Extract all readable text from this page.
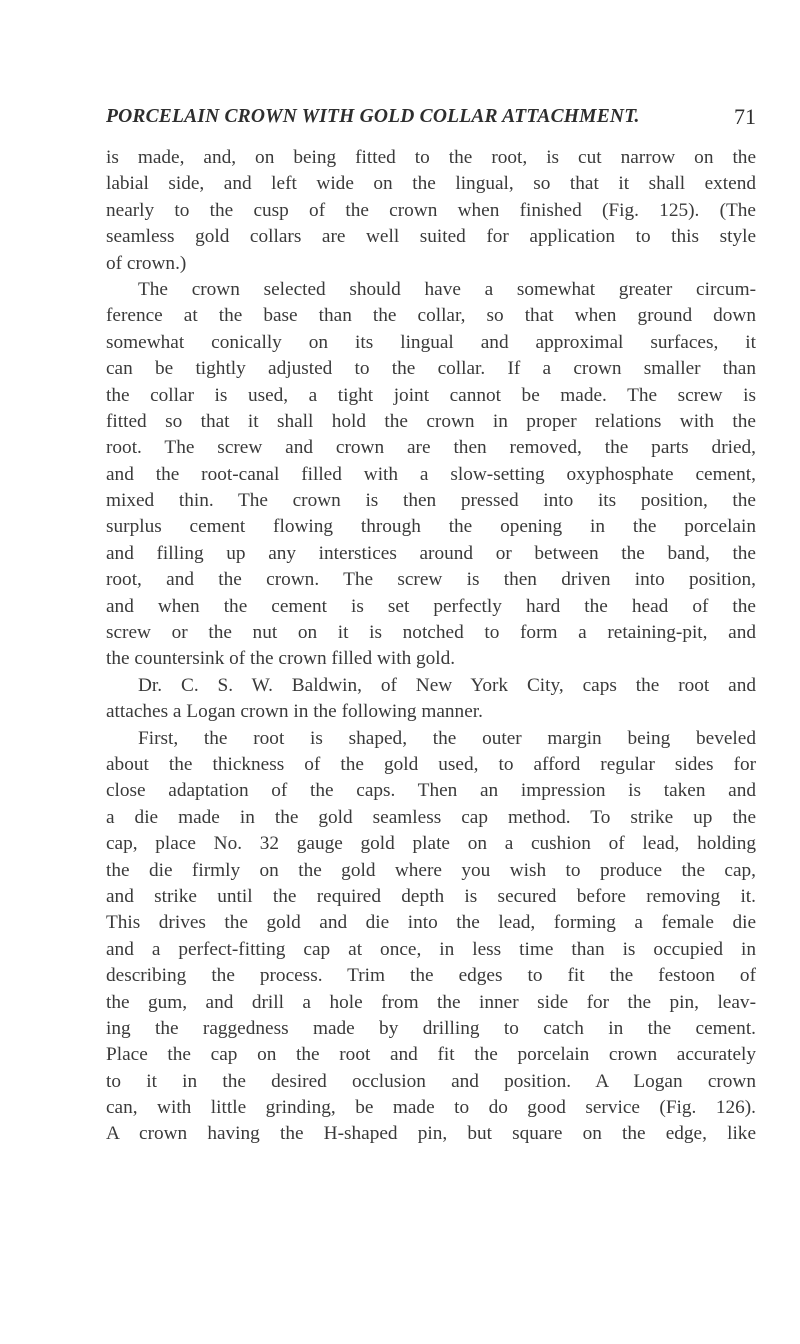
PORCELAIN CROWN WITH GOLD COLLAR ATTACHMENT.	71
is made, and, on being fitted to the root, is cut narrow on the
labial side, and left wide on the lingual, so that it shall extend
nearly to the cusp of the crown when finished (Fig. 125). (The
seamless gold collars are well suited for application to this style
of crown.)
The crown selected should have a somewhat greater circum-
ference at the base than the collar, so that when ground down
somewhat conically on its lingual and approximal surfaces, it
can be tightly adjusted to the collar. If a crown smaller than
the collar is used, a tight joint cannot be made. The screw is
fitted so that it shall hold the crown in proper relations with the
root. The screw and crown are then removed, the parts dried,
and the root-canal filled with a slow-setting oxyphosphate cement,
mixed thin. The crown is then pressed into its position, the
surplus cement flowing through the opening in the porcelain
and filling up any interstices around or between the band, the
root, and the crown. The screw is then driven into position,
and when the cement is set perfectly hard the head of the
screw or the nut on it is notched to form a retaining-pit, and
the countersink of the crown filled with gold.
Dr. C. S. W. Baldwin, of New York City, caps the root and
attaches a Logan crown in the following manner.
First, the root is shaped, the outer margin being beveled
about the thickness of the gold used, to afford regular sides for
close adaptation of the caps. Then an impression is taken and
a die made in the gold seamless cap method. To strike up the
cap, place No. 32 gauge gold plate on a cushion of lead, holding
the die firmly on the gold where you wish to produce the cap,
and strike until the required depth is secured before removing it.
This drives the gold and die into the lead, forming a female die
and a perfect-fitting cap at once, in less time than is occupied in
describing the process. Trim the edges to fit the festoon of
the gum, and drill a hole from the inner side for the pin, leav-
ing the raggedness made by drilling to catch in the cement.
Place the cap on the root and fit the porcelain crown accurately
to it in the desired occlusion and position. A Logan crown
can, with little grinding, be made to do good service (Fig. 126).
A crown having the H-shaped pin, but square on the edge, like
